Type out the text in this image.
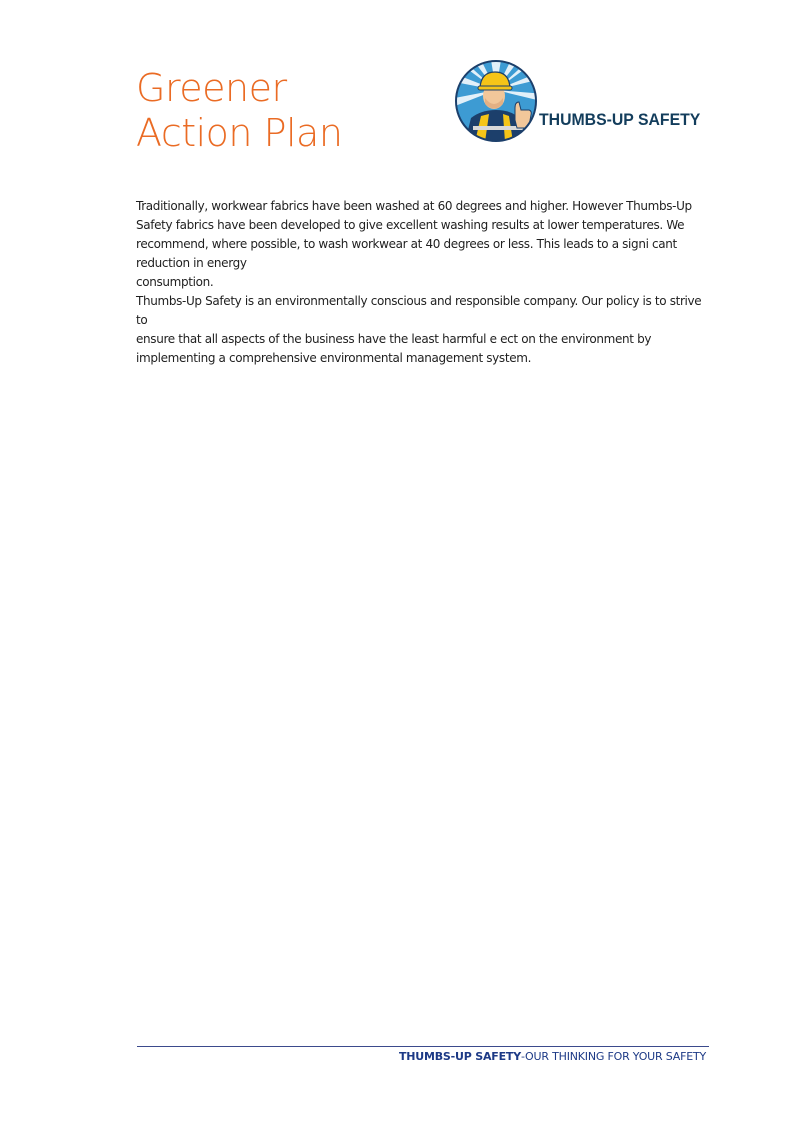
Greener
Action Plan	THUMBS-UP SAFETY

Traditionally, workwear fabrics have been washed at 60 degrees and higher. However Thumbs-Up
Safety fabrics have been developed to give excellent washing results at lower temperatures. We
recommend, where possible, to wash workwear at 40 degrees or less. This leads to a signi cant
reduction in energy
consumption.

Thumbs-Up Safety is an environmentally conscious and responsible company. Our policy is to strive to
ensure that all aspects of the business have the least harmful e ect on the environment by
implementing a comprehensive environmental management system.

THUMBS-UP SAFETY-OUR THINKING FOR YOUR SAFETY
